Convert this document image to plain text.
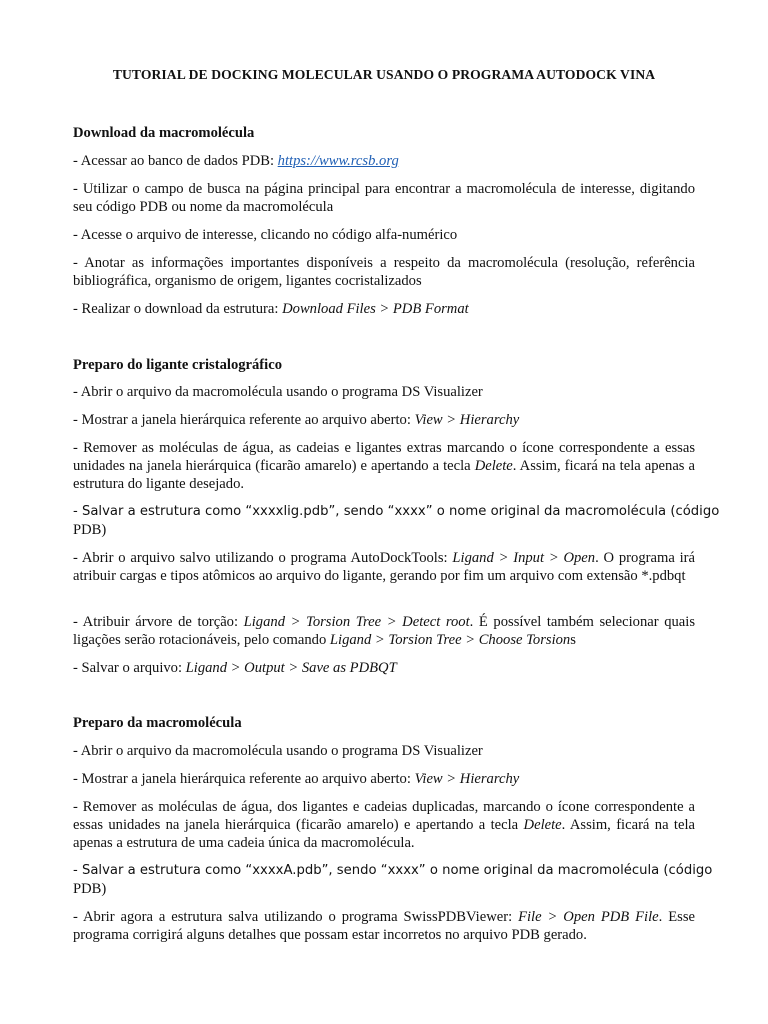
TUTORIAL DE DOCKING MOLECULAR USANDO O PROGRAMA AUTODOCK VINA
Download da macromolécula
- Acessar ao banco de dados PDB: https://www.rcsb.org
- Utilizar o campo de busca na página principal para encontrar a macromolécula de interesse, digitando seu código PDB ou nome da macromolécula
- Acesse o arquivo de interesse, clicando no código alfa-numérico
- Anotar as informações importantes disponíveis a respeito da macromolécula (resolução, referência bibliográfica, organismo de origem, ligantes cocristalizados
- Realizar o download da estrutura: Download Files > PDB Format
Preparo do ligante cristalográfico
- Abrir o arquivo da macromolécula usando o programa DS Visualizer
- Mostrar a janela hierárquica referente ao arquivo aberto: View > Hierarchy
- Remover as moléculas de água, as cadeias e ligantes extras marcando o ícone correspondente a essas unidades na janela hierárquica (ficarão amarelo) e apertando a tecla Delete. Assim, ficará na tela apenas a estrutura do ligante desejado.
- Salvar a estrutura como “xxxxlig.pdb”, sendo “xxxx” o nome original da macromolécula (código
PDB)
- Abrir o arquivo salvo utilizando o programa AutoDockTools: Ligand > Input > Open. O programa irá atribuir cargas e tipos atômicos ao arquivo do ligante, gerando por fim um arquivo com extensão *.pdbqt
- Atribuir árvore de torção: Ligand > Torsion Tree > Detect root. É possível também selecionar quais ligações serão rotacionáveis, pelo comando Ligand > Torsion Tree > Choose Torsions
- Salvar o arquivo: Ligand > Output > Save as PDBQT
Preparo da macromolécula
- Abrir o arquivo da macromolécula usando o programa DS Visualizer
- Mostrar a janela hierárquica referente ao arquivo aberto: View > Hierarchy
- Remover as moléculas de água, dos ligantes e cadeias duplicadas, marcando o ícone correspondente a essas unidades na janela hierárquica (ficarão amarelo) e apertando a tecla Delete. Assim, ficará na tela apenas a estrutura de uma cadeia única da macromolécula.
- Salvar a estrutura como “xxxxA.pdb”, sendo “xxxx” o nome original da macromolécula (código
PDB)
- Abrir agora a estrutura salva utilizando o programa SwissPDBViewer: File > Open PDB File. Esse programa corrigirá alguns detalhes que possam estar incorretos no arquivo PDB gerado.
